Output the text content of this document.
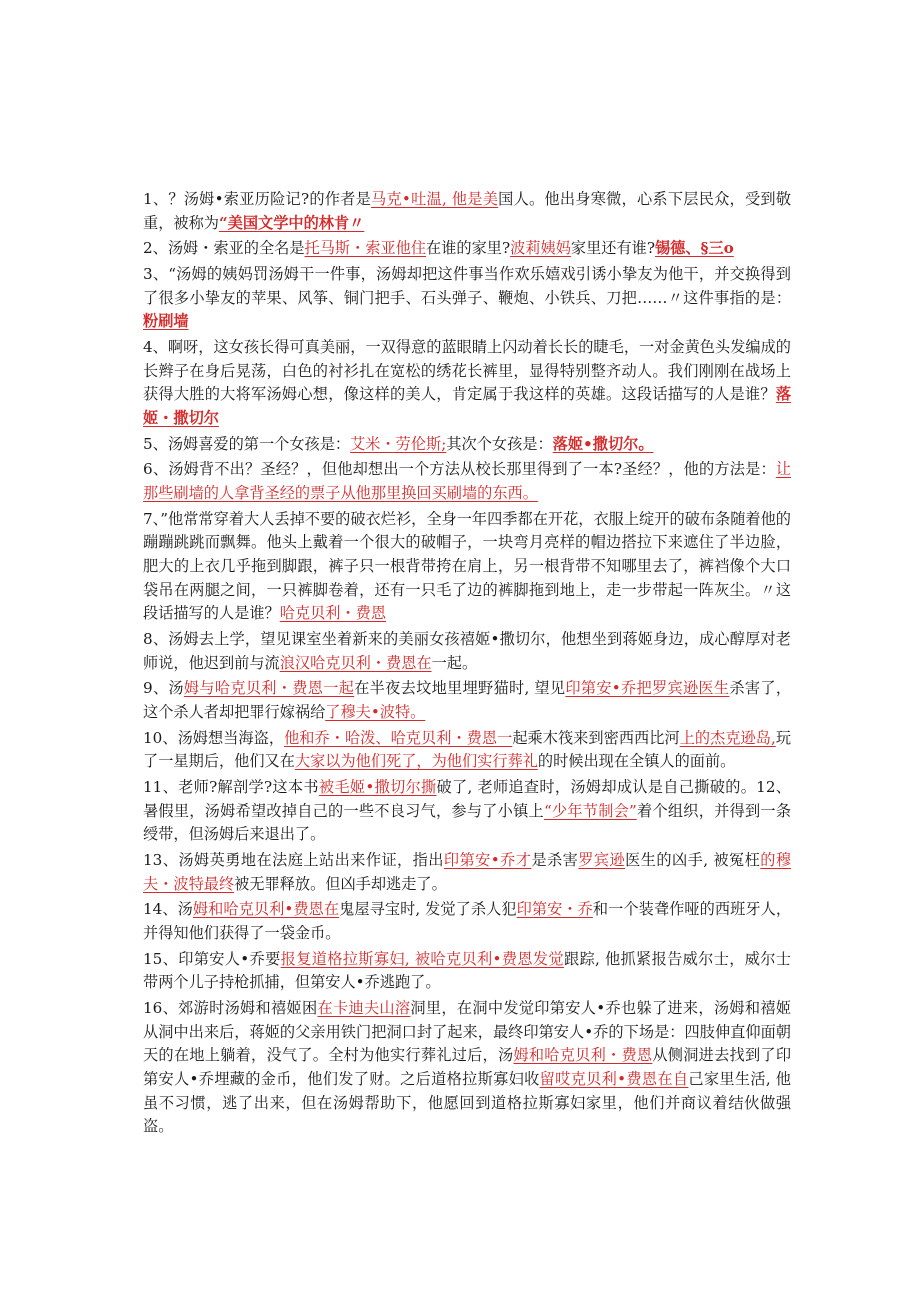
1、？汤姆•索亚历险记?的作者是马克•吐温, 他是美国人。他出身寒微，心系下层民众，受到敬重，被称为“美国文学中的林肯〃

2、汤姆・索亚的全名是托马斯・索亚他住在谁的家里?波莉姨妈家里还有谁?锡德、§三o

3、“汤姆的姨妈罚汤姆干一件事，汤姆却把这件事当作欢乐嬉戏引诱小挚友为他干，并交换得到了很多小挚友的苹果、风筝、铜门把手、石头弹子、鞭炮、小铁兵、刀把……〃这件事指的是：粉刷墙

4、啊呀，这女孩长得可真美丽，一双得意的蓝眼睛上闪动着长长的睫毛，一对金黄色头发编成的长辫子在身后晃荡，白色的衬衫扎在宽松的绣花长裤里，显得特别整齐动人。我们刚刚在战场上获得大胜的大将军汤姆心想，像这样的美人，肯定属于我这样的英雄。这段话描写的人是谁？落姬・撒切尔

5、汤姆喜爱的第一个女孩是：艾米・劳伦斯;其次个女孩是：落姬•撒切尔。

6、汤姆背不出？圣经？，但他却想出一个方法从校长那里得到了一本?圣经？，他的方法是：让那些刷墙的人拿背圣经的票子从他那里换回买刷墙的东西。

7、”他常常穿着大人丢掉不要的破衣烂衫，全身一年四季都在开花，衣服上绽开的破布条随着他的蹦蹦跳跳而飘舞。他头上戴着一个很大的破帽子，一块弯月亮样的帽边搭拉下来遮住了半边脸，肥大的上衣几乎拖到脚跟，裤子只一根背带挎在肩上，另一根背带不知哪里去了，裤裆像个大口袋吊在两腿之间，一只裤脚卷着，还有一只毛了边的裤脚拖到地上，走一步带起一阵灰尘。〃这段话描写的人是谁？哈克贝利・费恩

8、汤姆去上学，望见课室坐着新来的美丽女孩禧姬•撒切尔，他想坐到蒋姬身边，成心醇厚对老师说，他迟到前与流浪汉哈克贝利・费恩在一起。

9、汤姆与哈克贝利・费恩一起在半夜去坟地里埋野猫时, 望见印第安•乔把罗宾逊医生杀害了，这个杀人者却把罪行嫁祸给了穆夫•波特。

10、汤姆想当海盗，他和乔・哈泼、哈克贝利・费恩一起乘木筏来到密西西比河上的杰克逊岛,玩了一星期后，他们又在大家以为他们死了，为他们实行葬礼的时候出现在全镇人的面前。

11、老师?解剖学?这本书被毛姬•撒切尔撕破了, 老师追查时，汤姆却成认是自己撕破的。12、暑假里，汤姆希望改掉自己的一些不良习气，参与了小镇上“少年节制会”着个组织，并得到一条绶带，但汤姆后来退出了。

13、汤姆英勇地在法庭上站出来作证，指出印第安•乔才是杀害罗宾逊医生的凶手, 被冤枉的穆夫・波特最终被无罪释放。但凶手却逃走了。

14、汤姆和哈克贝利•费恩在鬼屋寻宝时, 发觉了杀人犯印第安・乔和一个装聋作哑的西班牙人，并得知他们获得了一袋金币。

15、印第安人•乔要报复道格拉斯寡妇, 被哈克贝利•费恩发觉跟踪, 他抓紧报告威尔士，威尔士带两个儿子持枪抓捕，但第安人•乔逃跑了。

16、郊游时汤姆和禧姬困在卡迪夫山溶洞里，在洞中发觉印第安人•乔也躲了进来，汤姆和禧姬从洞中出来后，蒋姬的父亲用铁门把洞口封了起来，最终印第安人•乔的下场是：四肢伸直仰面朝天的在地上躺着，没气了。全村为他实行葬礼过后，汤姆和哈克贝利・费恩从侧洞进去找到了印第安人•乔埋藏的金币，他们发了财。之后道格拉斯寡妇收留哎克贝利•费恩在自己家里生活, 他虽不习惯，逃了出来，但在汤姆帮助下，他愿回到道格拉斯寡妇家里，他们并商议着结伙做强盗。
